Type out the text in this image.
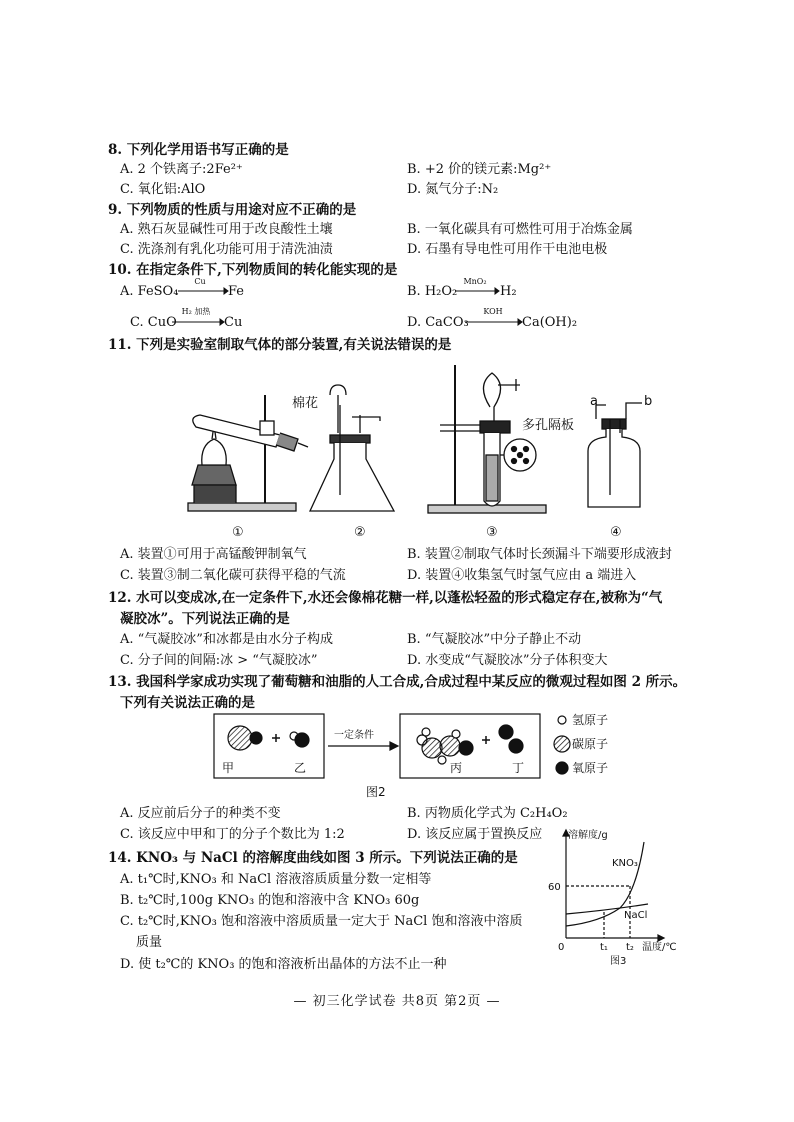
8. 下列化学用语书写正确的是
A. 2 个铁离子:2Fe²⁺	B. +2 价的镁元素:Mg²⁺
C. 氧化铝:AlO	D. 氮气分子:N₂
9. 下列物质的性质与用途对应不正确的是
A. 熟石灰显碱性可用于改良酸性土壤	B. 一氧化碳具有可燃性可用于冶炼金属
C. 洗涤剂有乳化功能可用于清洗油渍	D. 石墨有导电性可用作干电池电极
10. 在指定条件下,下列物质间的转化能实现的是
A. FeSO₄
Cu
Fe	B. H₂O₂
MnO₂
H₂
C. CuO
H₂ 加热
Cu	D. CaCO₃
KOH
Ca(OH)₂
11. 下列是实验室制取气体的部分装置,有关说法错误的是
棉花
多孔隔板
a	b
①	②	③	④
A. 装置①可用于高锰酸钾制氧气	B. 装置②制取气体时长颈漏斗下端要形成液封
C. 装置③制二氧化碳可获得平稳的气流	D. 装置④收集氢气时氢气应由 a 端进入
12. 水可以变成冰,在一定条件下,水还会像棉花糖一样,以蓬松轻盈的形式稳定存在,被称为“气
凝胶冰”。下列说法正确的是
A. “气凝胶冰”和冰都是由水分子构成	B. “气凝胶冰”中分子静止不动
C. 分子间的间隔:冰 > “气凝胶冰”	D. 水变成“气凝胶冰”分子体积变大
13. 我国科学家成功实现了葡萄糖和油脂的人工合成,合成过程中某反应的微观过程如图 2 所示。
下列有关说法正确的是
甲	乙	丙	丁
一定条件
氢原子
碳原子
氧原子
图2
A. 反应前后分子的种类不变	B. 丙物质化学式为 C₂H₄O₂
C. 该反应中甲和丁的分子个数比为 1:2	D. 该反应属于置换反应
14. KNO₃ 与 NaCl 的溶解度曲线如图 3 所示。下列说法正确的是
A. t₁℃时,KNO₃ 和 NaCl 溶液溶质质量分数一定相等
B. t₂℃时,100g KNO₃ 的饱和溶液中含 KNO₃ 60g
C. t₂℃时,KNO₃ 饱和溶液中溶质质量一定大于 NaCl 饱和溶液中溶质
质量
D. 使 t₂℃的 KNO₃ 的饱和溶液析出晶体的方法不止一种
溶解度/g
KNO₃
NaCl
60
0	t₁ t₂ 温度/℃
图3
— 初三化学试卷 共8页 第2页 —
